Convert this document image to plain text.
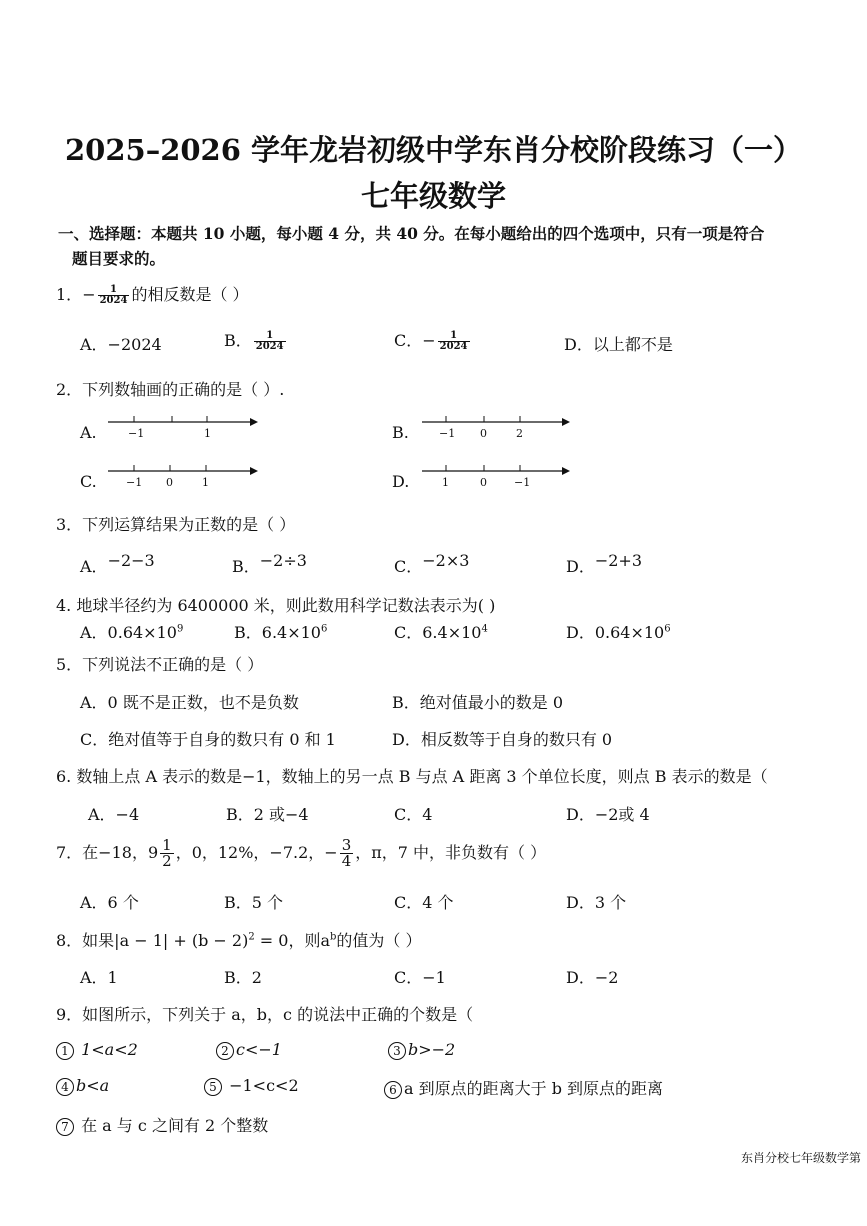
2025–2026 学年龙岩初级中学东肖分校阶段练习（一）
七年级数学
一、选择题：本题共 10 小题，每小题 4 分，共 40 分。在每小题给出的四个选项中，只有一项是符合
题目要求的。
1．− $\frac{1}{2024}$ 的相反数是（ ）
A．−2024	B． $\frac{1}{2024}$	C．− $\frac{1}{2024}$	D．以上都不是
2．下列数轴画的正确的是（ ）.
A.	−1	1	B.	−1 0	2
C.	−1 0	1	D.	1	0 −1
3．下列运算结果为正数的是（ ）
A．−2−3	B．−2÷3	C．−2×3	D．−2+3
4. 地球半径约为 6400000 米，则此数用科学记数法表示为( )
A．$0.64\times 10^9$	B．$6.4\times 10^6$	C．$6.4\times 10^4$	D．$0.64\times 10^6$
5．下列说法不正确的是（ ）
A．0 既不是正数，也不是负数	B．绝对值最小的数是 0
C．绝对值等于自身的数只有 0 和 1	D．相反数等于自身的数只有 0
6. 数轴上点 A 表示的数是−1，数轴上的另一点 B 与点 A 距离 3 个单位长度，则点 B 表示的数是（
A．−4	B．2 或−4	C．4	D．−2或 4
7．在−18，$9 \frac{1}{2}$ ，0，12%，−7.2，− $\frac{3}{4}$ ，π，7 中，非负数有（ ）
A．6 个	B．5 个	C．4 个	D．3 个
8．如果$|a - 1| + (b - 2)^2 = 0$，则$a^b$的值为（ ）
A．1	B．2	C．−1	D．−2
9．如图所示，下列关于 a，b，c 的说法中正确的个数是（
1 1<a<2	2 c<−1	3 b>−2
4 b<a	5 −1<c<2	6 a 到原点的距离大于 b 到原点的距离
7 在 a 与 c 之间有 2 个整数
东肖分校七年级数学第
